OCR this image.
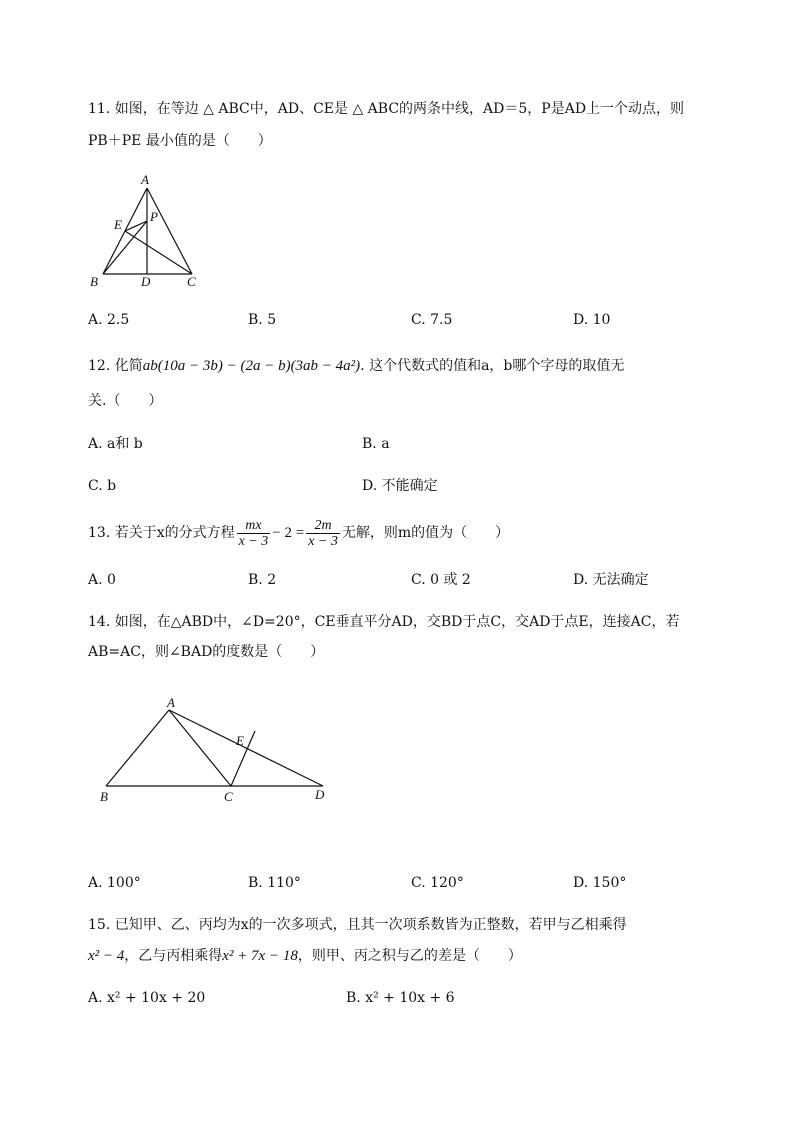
11. 如图，在等边 △ ABC中，AD、CE是 △ ABC的两条中线，AD＝5，P是AD上一个动点，则
PB＋PE 最小值的是（　　）
A
B	D	C
E
P
A. 2.5	B. 5	C. 7.5	D. 10
12. 化简ab(10a − 3b) − (2a − b)(3ab − 4a²). 这个代数式的值和a，b哪个字母的取值无
关.（　　）
A. a和 b	B. a
C. b	D. 不能确定
13. 若关于x的分式方程 $\frac{mx}{x - 3} - 2 = \frac{2m}{x - 3}$ 无解，则m的值为（　　）
A. 0	B. 2	C. 0 或 2	D. 无法确定
14. 如图，在△ABD中，∠D=20°，CE垂直平分AD，交BD于点C，交AD于点E，连接AC，若
AB=AC，则∠BAD的度数是（　　）
A
B	C	D
E
A. 100°	B. 110°	C. 120°	D. 150°
15. 已知甲、乙、丙均为x的一次多项式，且其一次项系数皆为正整数，若甲与乙相乘得
x² − 4，乙与丙相乘得x² + 7x − 18，则甲、丙之积与乙的差是（　　）
A. x² + 10x + 20	B. x² + 10x + 6
